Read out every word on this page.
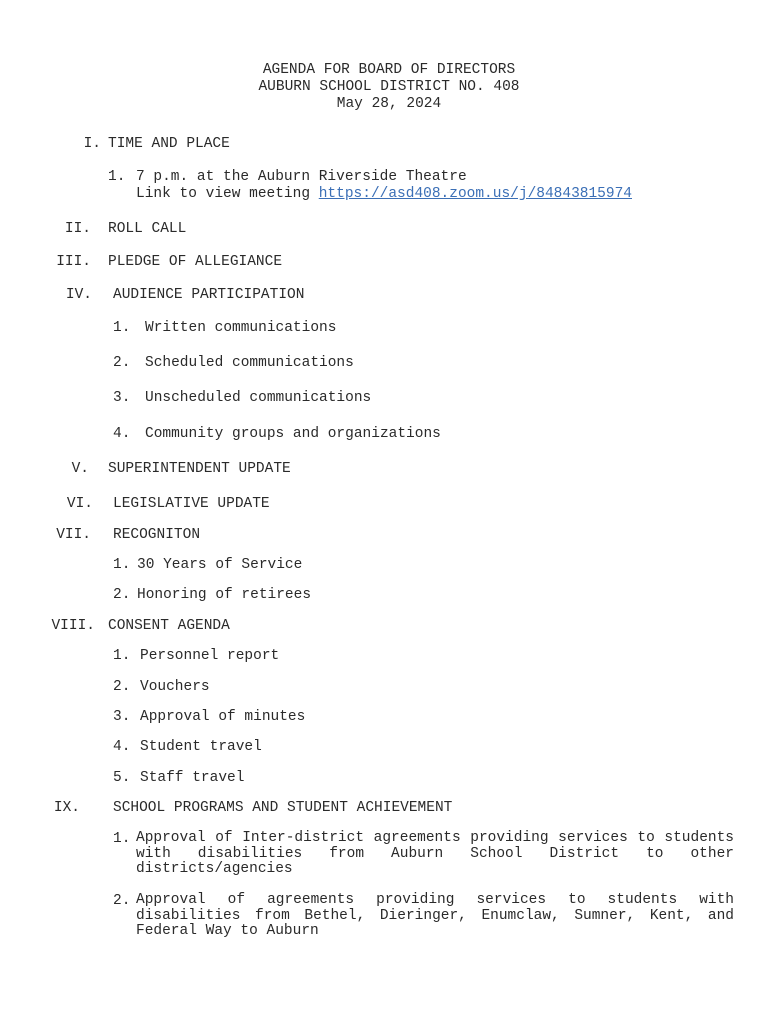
AGENDA FOR BOARD OF DIRECTORS
AUBURN SCHOOL DISTRICT NO. 408
May 28, 2024
I. TIME AND PLACE
1. 7 p.m. at the Auburn Riverside Theatre
Link to view meeting https://asd408.zoom.us/j/84843815974
II. ROLL CALL
III. PLEDGE OF ALLEGIANCE
IV. AUDIENCE PARTICIPATION
1. Written communications
2. Scheduled communications
3. Unscheduled communications
4. Community groups and organizations
V. SUPERINTENDENT UPDATE
VI. LEGISLATIVE UPDATE
VII. RECOGNITON
1. 30 Years of Service
2. Honoring of retirees
VIII. CONSENT AGENDA
1. Personnel report
2. Vouchers
3. Approval of minutes
4. Student travel
5. Staff travel
IX. SCHOOL PROGRAMS AND STUDENT ACHIEVEMENT
1. Approval of Inter-district agreements providing services to students with disabilities from Auburn School District to other districts/agencies
2. Approval of agreements providing services to students with disabilities from Bethel, Dieringer, Enumclaw, Sumner, Kent, and Federal Way to Auburn
